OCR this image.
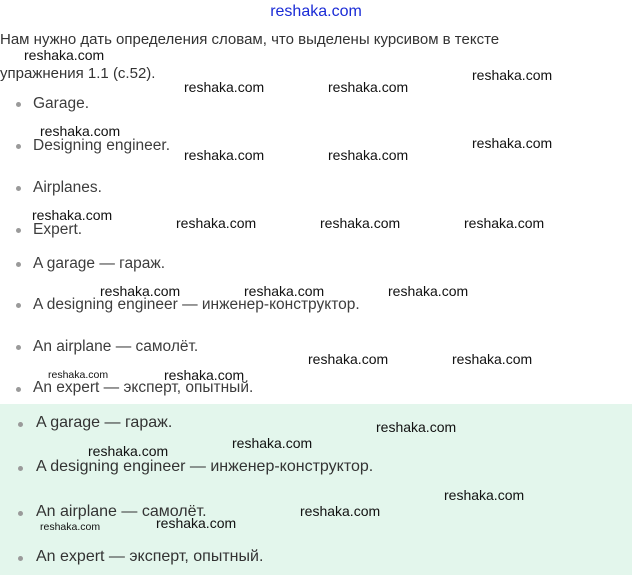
reshaka.com
Нам нужно дать определения словам, что выделены курсивом в тексте
упражнения 1.1 (с.52).
Garage.
Designing engineer.
Airplanes.
Expert.
A garage — гараж.
A designing engineer — инженер-конструктор.
An airplane — самолёт.
An expert — эксперт, опытный.
A garage — гараж.
A designing engineer — инженер-конструктор.
An airplane — самолёт.
An expert — эксперт, опытный.
reshaka.com
reshaka.com
reshaka.com	reshaka.com
reshaka.com
reshaka.com
reshaka.com	reshaka.com
reshaka.com	reshaka.com	reshaka.com	reshaka.com
reshaka.com	reshaka.com	reshaka.com
reshaka.com	reshaka.com
reshaka.com	reshaka.com
reshaka.com
reshaka.com
reshaka.com
reshaka.com
reshaka.com
reshaka.com
reshaka.com
